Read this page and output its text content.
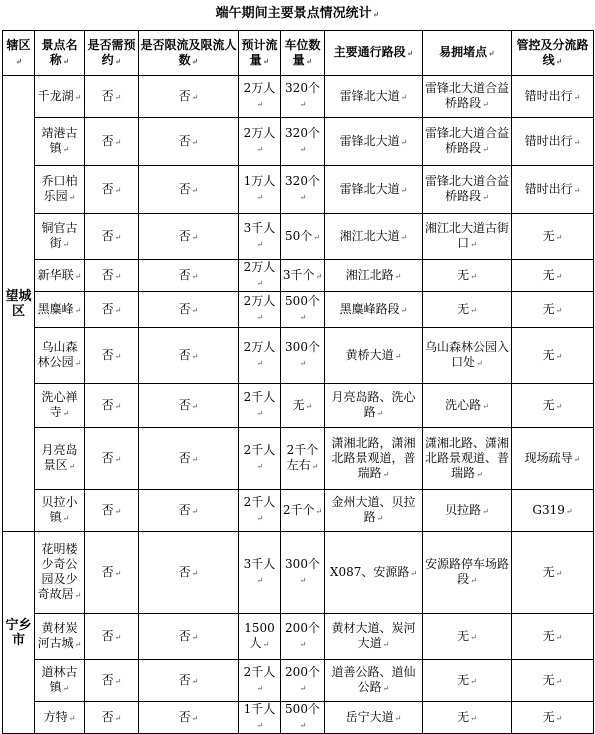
端午期间主要景点情况统计 ↵
辖区 ↵	景点名称 ↵	是否需预约 ↵	是否限流及限流人数 ↵	预计流量 ↵	车位数量 ↵	主要通行路段 ↵	易拥堵点 ↵	管控及分流路线 ↵
望城区	千龙湖 ↵	否 ↵	否 ↵	2万人 ↵	320个 ↵	雷锋北大道 ↵	雷锋北大道合益桥路段 ↵	错时出行 ↵
	靖港古镇 ↵	否 ↵	否 ↵	2万人 ↵	320个 ↵	雷锋北大道 ↵	雷锋北大道合益桥路段 ↵	错时出行 ↵
	乔口柏乐园 ↵	否 ↵	否 ↵	1万人 ↵	320个 ↵	雷锋北大道 ↵	雷锋北大道合益桥路段 ↵	错时出行 ↵
	铜官古街 ↵	否 ↵	否 ↵	3千人 ↵	50个 ↵	湘江北大道 ↵	湘江北大道古街口 ↵	无 ↵
	新华联 ↵	否 ↵	否 ↵	2万人 ↵	3千个 ↵	湘江北路 ↵	无 ↵	无 ↵
	黑麋峰 ↵	否 ↵	否 ↵	2万人 ↵	500个 ↵	黑麋峰路段 ↵	无 ↵	无 ↵
	乌山森林公园 ↵	否 ↵	否 ↵	2万人 ↵	300个 ↵	黄桥大道 ↵	乌山森林公园入口处 ↵	无 ↵
	洗心禅寺 ↵	否 ↵	否 ↵	2千人 ↵	无 ↵	月亮岛路、洗心路 ↵	洗心路 ↵	无 ↵
	月亮岛景区 ↵	否 ↵	否 ↵	2千人 ↵	2千个左右 ↵	潇湘北路，潇湘北路景观道，普瑞路 ↵	潇湘北路、潇湘北路景观道、普瑞路 ↵	现场疏导 ↵
	贝拉小镇 ↵	否 ↵	否 ↵	2千人 ↵	2千个 ↵	金州大道、贝拉路 ↵	贝拉路 ↵	G319 ↵
宁乡市	花明楼少奇公园及少奇故居 ↵	否 ↵	否 ↵	3千人 ↵	300个 ↵	X087、安源路 ↵	安源路停车场路段 ↵	无 ↵
	黄材炭河古城 ↵	否 ↵	否 ↵	1500人 ↵	200个 ↵	黄材大道、炭河大道 ↵	无 ↵	无 ↵
	道林古镇 ↵	否 ↵	否 ↵	2千人 ↵	200个 ↵	道善公路、道仙公路 ↵	无 ↵	无 ↵
	方特 ↵	否 ↵	否 ↵	1千人 ↵	500个 ↵	岳宁大道 ↵	无 ↵	无 ↵
